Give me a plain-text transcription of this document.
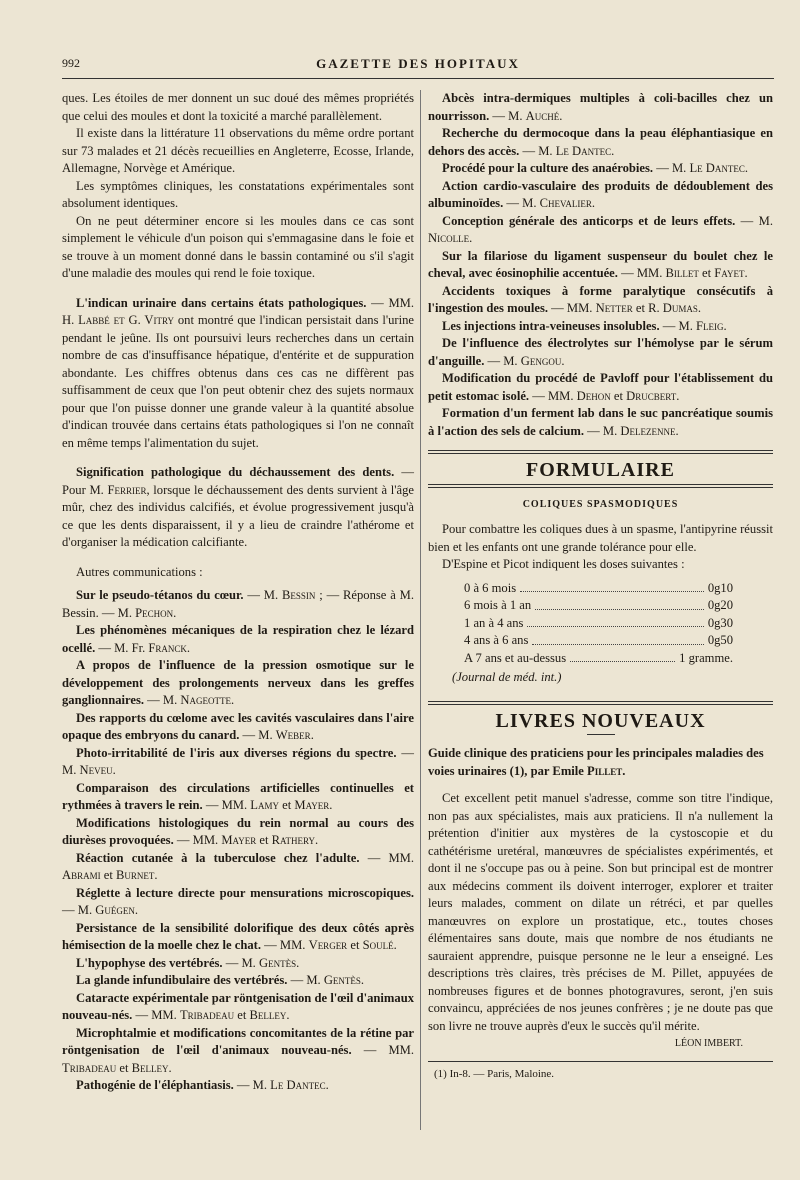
992	GAZETTE DES HOPITAUX

ques. Les étoiles de mer donnent un suc doué des mêmes propriétés que celui des moules et dont la toxicité a marché parallèlement.

Il existe dans la littérature 11 observations du même ordre portant sur 73 malades et 21 décès recueillies en Angleterre, Ecosse, Irlande, Allemagne, Norvège et Amérique.

Les symptômes cliniques, les constatations expérimentales sont absolument identiques.

On ne peut déterminer encore si les moules dans ce cas sont simplement le véhicule d'un poison qui s'emmagasine dans le foie et se trouve à un moment donné dans le bassin contaminé ou s'il s'agit d'une maladie des moules qui rend le foie toxique.

L'indican urinaire dans certains états pathologiques. — MM. H. Labbé et G. Vitry ont montré que l'indican persistait dans l'urine pendant le jeûne. Ils ont poursuivi leurs recherches dans un certain nombre de cas d'insuffisance hépatique, d'entérite et de suppuration abondante. Les chiffres obtenus dans ces cas ne diffèrent pas suffisamment de ceux que l'on peut obtenir chez des sujets normaux pour que l'on puisse donner une grande valeur à la quantité absolue d'indican trouvée dans certains états pathologiques si l'on ne connaît en même temps l'alimentation du sujet.

Signification pathologique du déchaussement des dents. — Pour M. Ferrier, lorsque le déchaussement des dents survient à l'âge mûr, chez des individus calcifiés, et évolue progressivement jusqu'à ce que les dents disparaissent, il y a lieu de craindre l'athérome et d'organiser la médication calcifiante.

Autres communications :

Sur le pseudo-tétanos du cœur. — M. Bessin ; — Réponse à M. Bessin. — M. Pechon.

Les phénomènes mécaniques de la respiration chez le lézard ocellé. — M. Fr. Franck.

A propos de l'influence de la pression osmotique sur le développement des prolongements nerveux dans les greffes ganglionnaires. — M. Nageotte.

Des rapports du cœlome avec les cavités vasculaires dans l'aire opaque des embryons du canard. — M. Weber.

Photo-irritabilité de l'iris aux diverses régions du spectre. — M. Neveu.

Comparaison des circulations artificielles continuelles et rythmées à travers le rein. — MM. Lamy et Mayer.

Modifications histologiques du rein normal au cours des diurèses provoquées. — MM. Mayer et Rathery.

Réaction cutanée à la tuberculose chez l'adulte. — MM. Abrami et Burnet.

Réglette à lecture directe pour mensurations microscopiques. — M. Guégen.

Persistance de la sensibilité dolorifique des deux côtés après hémisection de la moelle chez le chat. — MM. Verger et Soulé.

L'hypophyse des vertébrés. — M. Gentès.

La glande infundibulaire des vertébrés. — M. Gentès.

Cataracte expérimentale par röntgenisation de l'œil d'animaux nouveau-nés. — MM. Tribadeau et Belley.

Microphtalmie et modifications concomitantes de la rétine par röntgenisation de l'œil d'animaux nouveau-nés. — MM. Tribadeau et Belley.

Pathogénie de l'éléphantiasis. — M. Le Dantec.

Abcès intra-dermiques multiples à coli-bacilles chez un nourrisson. — M. Auché.

Recherche du dermocoque dans la peau éléphantiasique en dehors des accès. — M. Le Dantec.

Procédé pour la culture des anaérobies. — M. Le Dantec.

Action cardio-vasculaire des produits de dédoublement des albuminoïdes. — M. Chevalier.

Conception générale des anticorps et de leurs effets. — M. Nicolle.

Sur la filariose du ligament suspenseur du boulet chez le cheval, avec éosinophilie accentuée. — MM. Billet et Fayet.

Accidents toxiques à forme paralytique consécutifs à l'ingestion des moules. — MM. Netter et R. Dumas.

Les injections intra-veineuses insolubles. — M. Fleig.

De l'influence des électrolytes sur l'hémolyse par le sérum d'anguille. — M. Gengou.

Modification du procédé de Pavloff pour l'établissement du petit estomac isolé. — MM. Dehon et Drucbert.

Formation d'un ferment lab dans le suc pancréatique soumis à l'action des sels de calcium. — M. Delezenne.

FORMULAIRE
COLIQUES SPASMODIQUES

Pour combattre les coliques dues à un spasme, l'antipyrine réussit bien et les enfants ont une grande tolérance pour elle.

D'Espine et Picot indiquent les doses suivantes :

0 à 6 mois	0g10
6 mois à 1 an	0g20
1 an à 4 ans	0g30
4 ans à 6 ans	0g50
A 7 ans et au-dessus	1 gramme.

(Journal de méd. int.)

LIVRES NOUVEAUX

Guide clinique des praticiens pour les principales maladies des voies urinaires (1), par Emile Pillet.

Cet excellent petit manuel s'adresse, comme son titre l'indique, non pas aux spécialistes, mais aux praticiens. Il n'a nullement la prétention d'initier aux mystères de la cystoscopie et du cathétérisme uretéral, manœuvres de spécialistes expérimentés, et dont il ne s'occupe pas ou à peine. Son but principal est de montrer aux médecins comment ils doivent interroger, explorer et traiter leurs malades, comment on dilate un rétréci, et par quelles manœuvres on explore un prostatique, etc., toutes choses élémentaires sans doute, mais que nombre de nos étudiants ne sauraient apprendre, puisque personne ne le leur a enseigné. Les descriptions très claires, très précises de M. Pillet, appuyées de nombreuses figures et de bonnes photogravures, seront, j'en suis convaincu, appréciées de nos jeunes confrères ; je ne doute pas que son livre ne trouve auprès d'eux le succès qu'il mérite.

LÉON IMBERT.

(1) In-8. — Paris, Maloine.
